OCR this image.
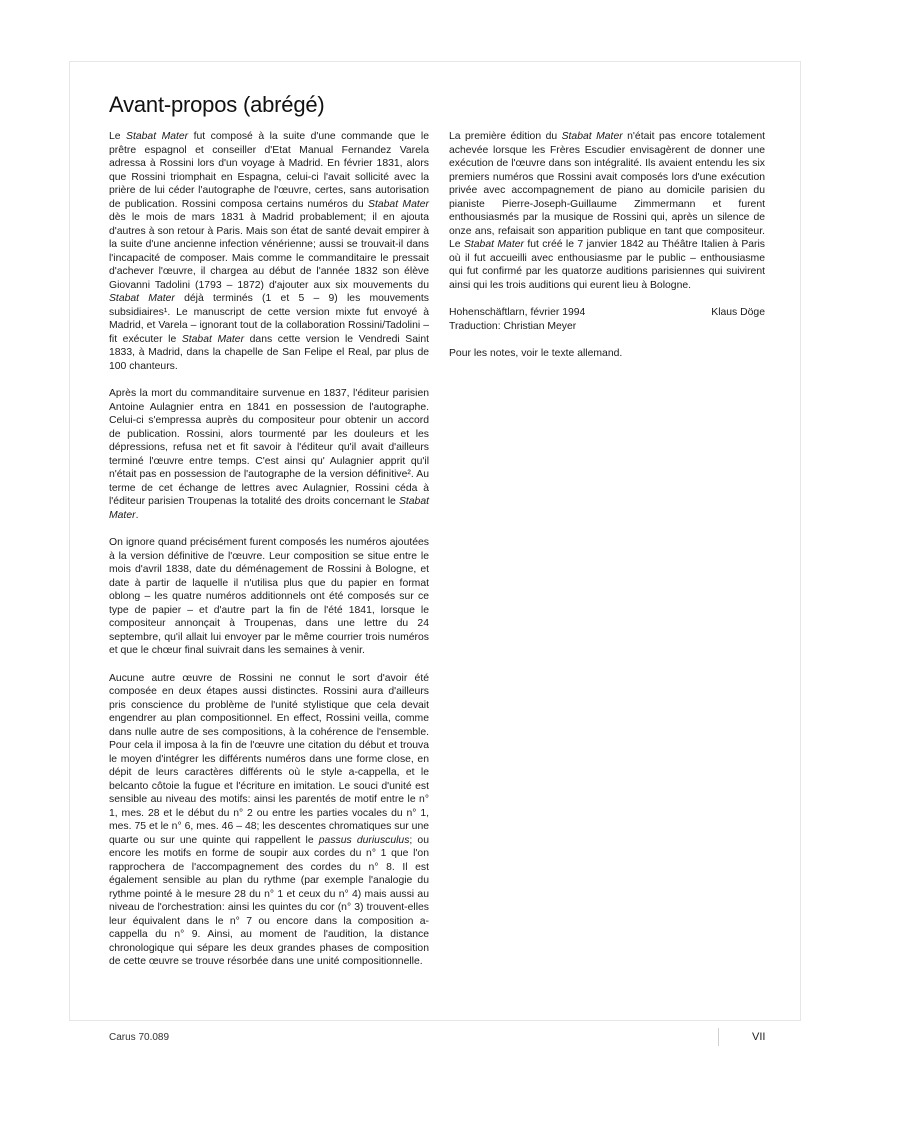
Avant-propos (abrégé)

Le Stabat Mater fut composé à la suite d'une commande que le prêtre espagnol et conseiller d'Etat Manual Fernandez Varela adressa à Rossini lors d'un voyage à Madrid. En février 1831, alors que Rossini triomphait en Espagna, celui-ci l'avait sollicité avec la prière de lui céder l'autographe de l'œuvre, certes, sans autorisation de publication. Rossini composa certains numéros du Stabat Mater dès le mois de mars 1831 à Madrid probablement; il en ajouta d'autres à son retour à Paris. Mais son état de santé devait empirer à la suite d'une ancienne infection vénérienne; aussi se trouvait-il dans l'incapacité de composer. Mais comme le commanditaire le pressait d'achever l'œuvre, il chargea au début de l'année 1832 son élève Giovanni Tadolini (1793 – 1872) d'ajouter aux six mouvements du Stabat Mater déjà terminés (1 et 5 – 9) les mouvements subsidiaires¹. Le manuscript de cette version mixte fut envoyé à Madrid, et Varela – ignorant tout de la collaboration Rossini/Tadolini – fit exécuter le Stabat Mater dans cette version le Vendredi Saint 1833, à Madrid, dans la chapelle de San Felipe el Real, par plus de 100 chanteurs.

Après la mort du commanditaire survenue en 1837, l'éditeur parisien Antoine Aulagnier entra en 1841 en possession de l'autographe. Celui-ci s'empressa auprès du compositeur pour obtenir un accord de publication. Rossini, alors tourmenté par les douleurs et les dépressions, refusa net et fit savoir à l'éditeur qu'il avait d'ailleurs terminé l'œuvre entre temps. C'est ainsi qu' Aulagnier apprit qu'il n'était pas en possession de l'autographe de la version définitive². Au terme de cet échange de lettres avec Aulagnier, Rossini céda à l'éditeur parisien Troupenas la totalité des droits concernant le Stabat Mater.

On ignore quand précisément furent composés les numéros ajoutées à la version définitive de l'œuvre. Leur composition se situe entre le mois d'avril 1838, date du déménagement de Rossini à Bologne, et date à partir de laquelle il n'utilisa plus que du papier en format oblong – les quatre numéros additionnels ont été composés sur ce type de papier – et d'autre part la fin de l'été 1841, lorsque le compositeur annonçait à Troupenas, dans une lettre du 24 septembre, qu'il allait lui envoyer par le même courrier trois numéros et que le chœur final suivrait dans les semaines à venir.

Aucune autre œuvre de Rossini ne connut le sort d'avoir été composée en deux étapes aussi distinctes. Rossini aura d'ailleurs pris conscience du problème de l'unité stylistique que cela devait engendrer au plan compositionnel. En effect, Rossini veilla, comme dans nulle autre de ses compositions, à la cohérence de l'ensemble. Pour cela il imposa à la fin de l'œuvre une citation du début et trouva le moyen d'intégrer les différents numéros dans une forme close, en dépit de leurs caractères différents où le style a-cappella, et le belcanto côtoie la fugue et l'écriture en imitation. Le souci d'unité est sensible au niveau des motifs: ainsi les parentés de motif entre le n° 1, mes. 28 et le début du n° 2 ou entre les parties vocales du n° 1, mes. 75 et le n° 6, mes. 46 – 48; les descentes chromatiques sur une quarte ou sur une quinte qui rappellent le passus duriusculus; ou encore les motifs en forme de soupir aux cordes du n° 1 que l'on rapprochera de l'accompagnement des cordes du n° 8. Il est également sensible au plan du rythme (par exemple l'analogie du rythme pointé à le mesure 28 du n° 1 et ceux du n° 4) mais aussi au niveau de l'orchestration: ainsi les quintes du cor (n° 3) trouvent-elles leur équivalent dans le n° 7 ou encore dans la composition a-cappella du n° 9. Ainsi, au moment de l'audition, la distance chronologique qui sépare les deux grandes phases de composition de cette œuvre se trouve résorbée dans une unité compositionnelle.

La première édition du Stabat Mater n'était pas encore totalement achevée lorsque les Frères Escudier envisagèrent de donner une exécution de l'œuvre dans son intégralité. Ils avaient entendu les six premiers numéros que Rossini avait composés lors d'une exécution privée avec accompagnement de piano au domicile parisien du pianiste Pierre-Joseph-Guillaume Zimmermann et furent enthousiasmés par la musique de Rossini qui, après un silence de onze ans, refaisait son apparition publique en tant que compositeur. Le Stabat Mater fut créé le 7 janvier 1842 au Théâtre Italien à Paris où il fut accueilli avec enthousiasme par le public – enthousiasme qui fut confirmé par les quatorze auditions parisiennes qui suivirent ainsi qui les trois auditions qui eurent lieu à Bologne.

Hohenschäftlarn, février 1994	Klaus Döge

Traduction: Christian Meyer

Pour les notes, voir le texte allemand.

Carus 70.089	VII
